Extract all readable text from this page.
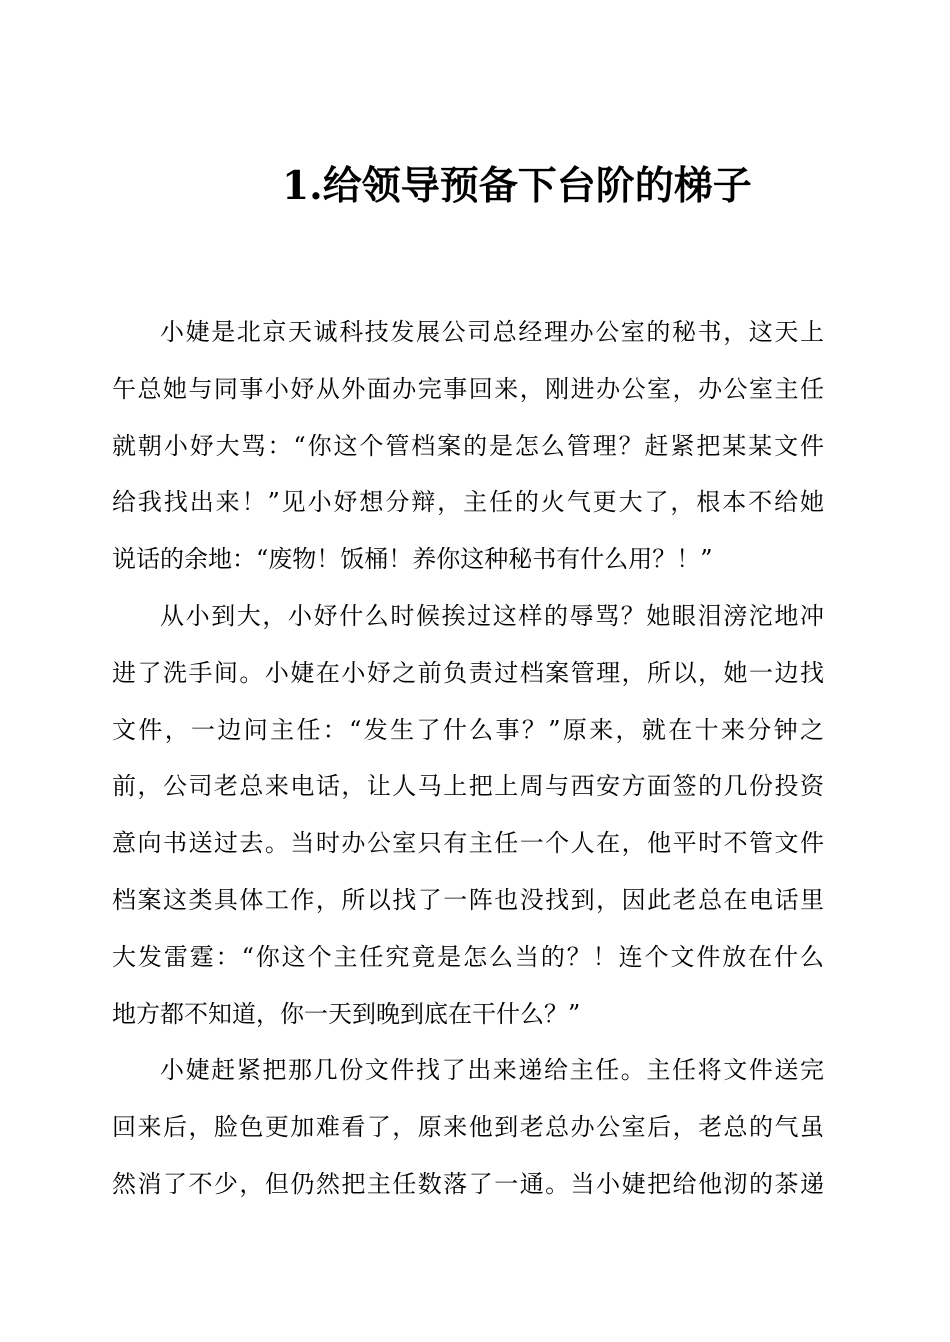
1.给领导预备下台阶的梯子
小婕是北京天诚科技发展公司总经理办公室的秘书，这天上
午总她与同事小妤从外面办完事回来，刚进办公室，办公室主任
就朝小妤大骂：“你这个管档案的是怎么管理？赶紧把某某文件
给我找出来！”见小妤想分辩，主任的火气更大了，根本不给她
说话的余地：“废物！饭桶！养你这种秘书有什么用？！”
从小到大，小妤什么时候挨过这样的辱骂？她眼泪滂沱地冲
进了洗手间。小婕在小妤之前负责过档案管理，所以，她一边找
文件，一边问主任：“发生了什么事？”原来，就在十来分钟之
前，公司老总来电话，让人马上把上周与西安方面签的几份投资
意向书送过去。当时办公室只有主任一个人在，他平时不管文件
档案这类具体工作，所以找了一阵也没找到，因此老总在电话里
大发雷霆：“你这个主任究竟是怎么当的？！连个文件放在什么
地方都不知道，你一天到晚到底在干什么？”
小婕赶紧把那几份文件找了出来递给主任。主任将文件送完
回来后，脸色更加难看了，原来他到老总办公室后，老总的气虽
然消了不少，但仍然把主任数落了一通。当小婕把给他沏的茶递
